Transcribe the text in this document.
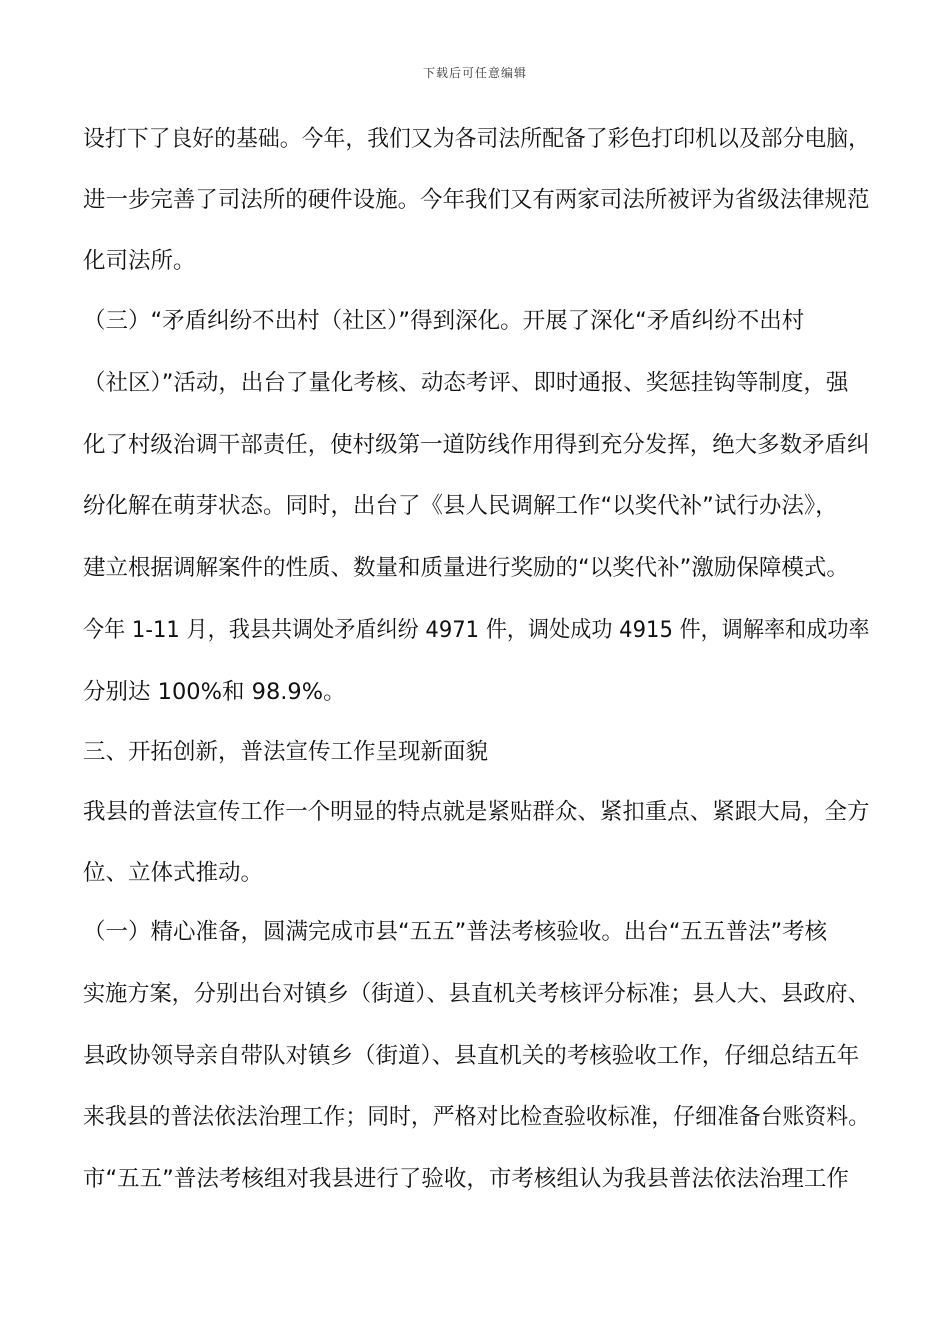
下载后可任意编辑
设打下了良好的基础。今年，我们又为各司法所配备了彩色打印机以及部分电脑，
进一步完善了司法所的硬件设施。今年我们又有两家司法所被评为省级法律规范
化司法所。
（三）“矛盾纠纷不出村（社区）”得到深化。开展了深化“矛盾纠纷不出村
（社区）”活动，出台了量化考核、动态考评、即时通报、奖惩挂钩等制度，强
化了村级治调干部责任，使村级第一道防线作用得到充分发挥，绝大多数矛盾纠
纷化解在萌芽状态。同时，出台了《县人民调解工作“以奖代补”试行办法》，
建立根据调解案件的性质、数量和质量进行奖励的“以奖代补”激励保障模式。
今年 1-11 月，我县共调处矛盾纠纷 4971 件，调处成功 4915 件，调解率和成功率
分别达 100%和 98.9%。
三、开拓创新，普法宣传工作呈现新面貌
我县的普法宣传工作一个明显的特点就是紧贴群众、紧扣重点、紧跟大局，全方
位、立体式推动。
（一）精心准备，圆满完成市县“五五”普法考核验收。出台“五五普法”考核
实施方案，分别出台对镇乡（街道）、县直机关考核评分标准；县人大、县政府、
县政协领导亲自带队对镇乡（街道）、县直机关的考核验收工作，仔细总结五年
来我县的普法依法治理工作；同时，严格对比检查验收标准，仔细准备台账资料。
市“五五”普法考核组对我县进行了验收，市考核组认为我县普法依法治理工作
